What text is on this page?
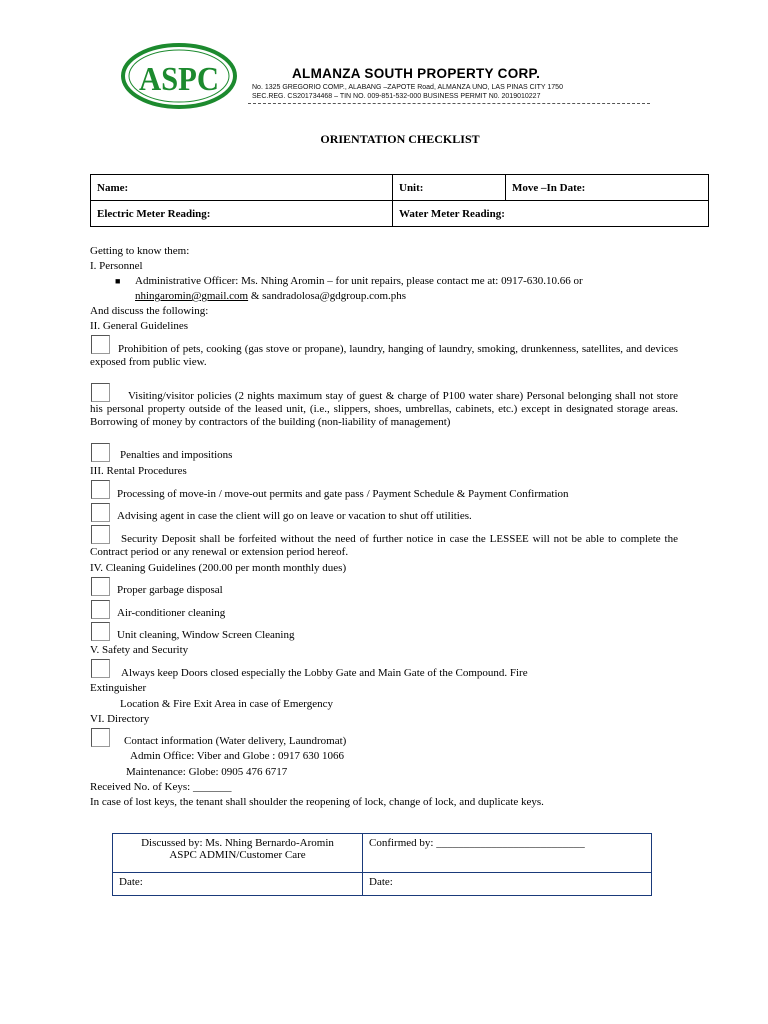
ASPC	ALMANZA SOUTH PROPERTY CORP.
No. 1325 GREGORIO COMP., ALABANG –ZAPOTE Road, ALMANZA UNO, LAS PINAS CITY 1750
SEC.REG. CS201734468 – TIN NO. 009-851-532-000 BUSINESS PERMIT N0. 2019010227
ORIENTATION CHECKLIST
Name:	Unit:	Move –In Date:
Electric Meter Reading:	Water Meter Reading:	
Getting to know them:
I. Personnel
■ Administrative Officer: Ms. Nhing Aromin – for unit repairs, please contact me at: 0917-630.10.66 or
nhingaromin@gmail.com & sandradolosa@gdgroup.com.phs
And discuss the following:
II. General Guidelines
Prohibition of pets, cooking (gas stove or propane), laundry, hanging of laundry, smoking, drunkenness, satellites, and devices exposed from public view.
Visiting/visitor policies (2 nights maximum stay of guest & charge of P100 water share) Personal belonging shall not store his personal property outside of the leased unit, (i.e., slippers, shoes, umbrellas, cabinets, etc.) except in designated storage areas. Borrowing of money by contractors of the building (non-liability of management)
Penalties and impositions
III. Rental Procedures
Processing of move-in / move-out permits and gate pass / Payment Schedule & Payment Confirmation
Advising agent in case the client will go on leave or vacation to shut off utilities.
Security Deposit shall be forfeited without the need of further notice in case the LESSEE will not be able to complete the Contract period or any renewal or extension period hereof.
IV. Cleaning Guidelines (200.00 per month monthly dues)
Proper garbage disposal
Air-conditioner cleaning
Unit cleaning, Window Screen Cleaning
V. Safety and Security
Always keep Doors closed especially the Lobby Gate and Main Gate of the Compound. Fire
Extinguisher
Location & Fire Exit Area in case of Emergency
VI. Directory
Contact information (Water delivery, Laundromat)
Admin Office: Viber and Globe : 0917 630 1066
Maintenance: Globe: 0905 476 6717
Received No. of Keys: _______
In case of lost keys, the tenant shall shoulder the reopening of lock, change of lock, and duplicate keys.
Discussed by: Ms. Nhing Bernardo-Aromin
ASPC ADMIN/Customer Care	Confirmed by: ___________________________
Date:	Date:
